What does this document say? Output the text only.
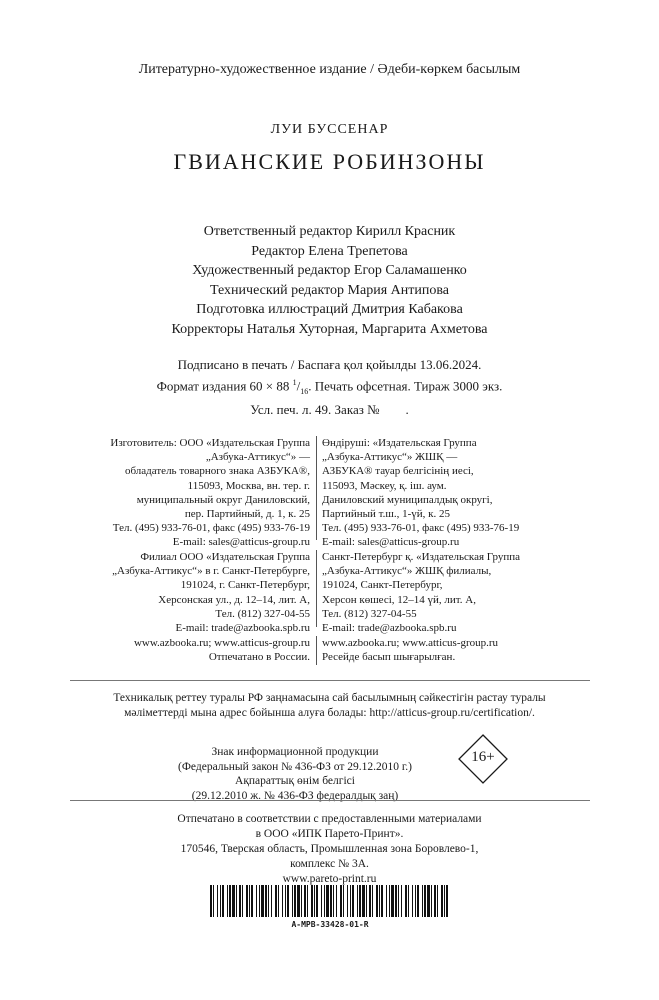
Литературно-художественное издание / Әдеби-көркем басылым
ЛУИ БУССЕНАР
ГВИАНСКИЕ РОБИНЗОНЫ
Ответственный редактор Кирилл Красник
Редактор Елена Трепетова
Художественный редактор Егор Саламашенко
Технический редактор Мария Антипова
Подготовка иллюстраций Дмитрия Кабакова
Корректоры Наталья Хуторная, Маргарита Ахметова
Подписано в печать / Баспаға қол қойылды 13.06.2024.
Формат издания 60 × 88 $^1/_{16}$. Печать офсетная. Тираж 3000 экз.
Усл. печ. л. 49. Заказ №        .
Изготовитель: ООО «Издательская Группа
„Азбука-Аттикус“» —
обладатель товарного знака АЗБУКА®,
115093, Москва, вн. тер. г.
муниципальный округ Даниловский,
пер. Партийный, д. 1, к. 25
Тел. (495) 933-76-01, факс (495) 933-76-19
E-mail: sales@atticus-group.ru
Өндіруші: «Издательская Группа
„Азбука-Аттикус“» ЖШҚ —
АЗБУКА® тауар белгісінің иесі,
115093, Мәскеу, қ. іш. аум.
Даниловский муниципалдық округі,
Партийный т.ш., 1-үй, к. 25
Тел. (495) 933-76-01, факс (495) 933-76-19
E-mail: sales@atticus-group.ru
Филиал ООО «Издательская Группа
„Азбука-Аттикус“» в г. Санкт-Петербурге,
191024, г. Санкт-Петербург,
Херсонская ул., д. 12–14, лит. А,
Тел. (812) 327-04-55
E-mail: trade@azbooka.spb.ru
Санкт-Петербург қ. «Издательская Группа
„Азбука-Аттикус“» ЖШҚ филиалы,
191024, Санкт-Петербург,
Херсон көшесі, 12–14 үй, лит. А,
Тел. (812) 327-04-55
E-mail: trade@azbooka.spb.ru
www.azbooka.ru; www.atticus-group.ru
Отпечатано в России.
www.azbooka.ru; www.atticus-group.ru
Ресейде басып шығарылған.
Техникалық реттеу туралы РФ заңнамасына сай басылымның сәйкестігін растау туралы
мәліметтерді мына адрес бойынша алуға болады: http://atticus-group.ru/certification/.
Знак информационной продукции
(Федеральный закон № 436-ФЗ от 29.12.2010 г.)
Ақпараттық өнім белгісі
(29.12.2010 ж. № 436-ФЗ федералдық заң)
16+
Отпечатано в соответствии с предоставленными материалами
в ООО «ИПК Парето-Принт».
170546, Тверская область, Промышленная зона Боровлево-1,
комплекс № 3А.
www.pareto-print.ru
A-MPB-33428-01-R
